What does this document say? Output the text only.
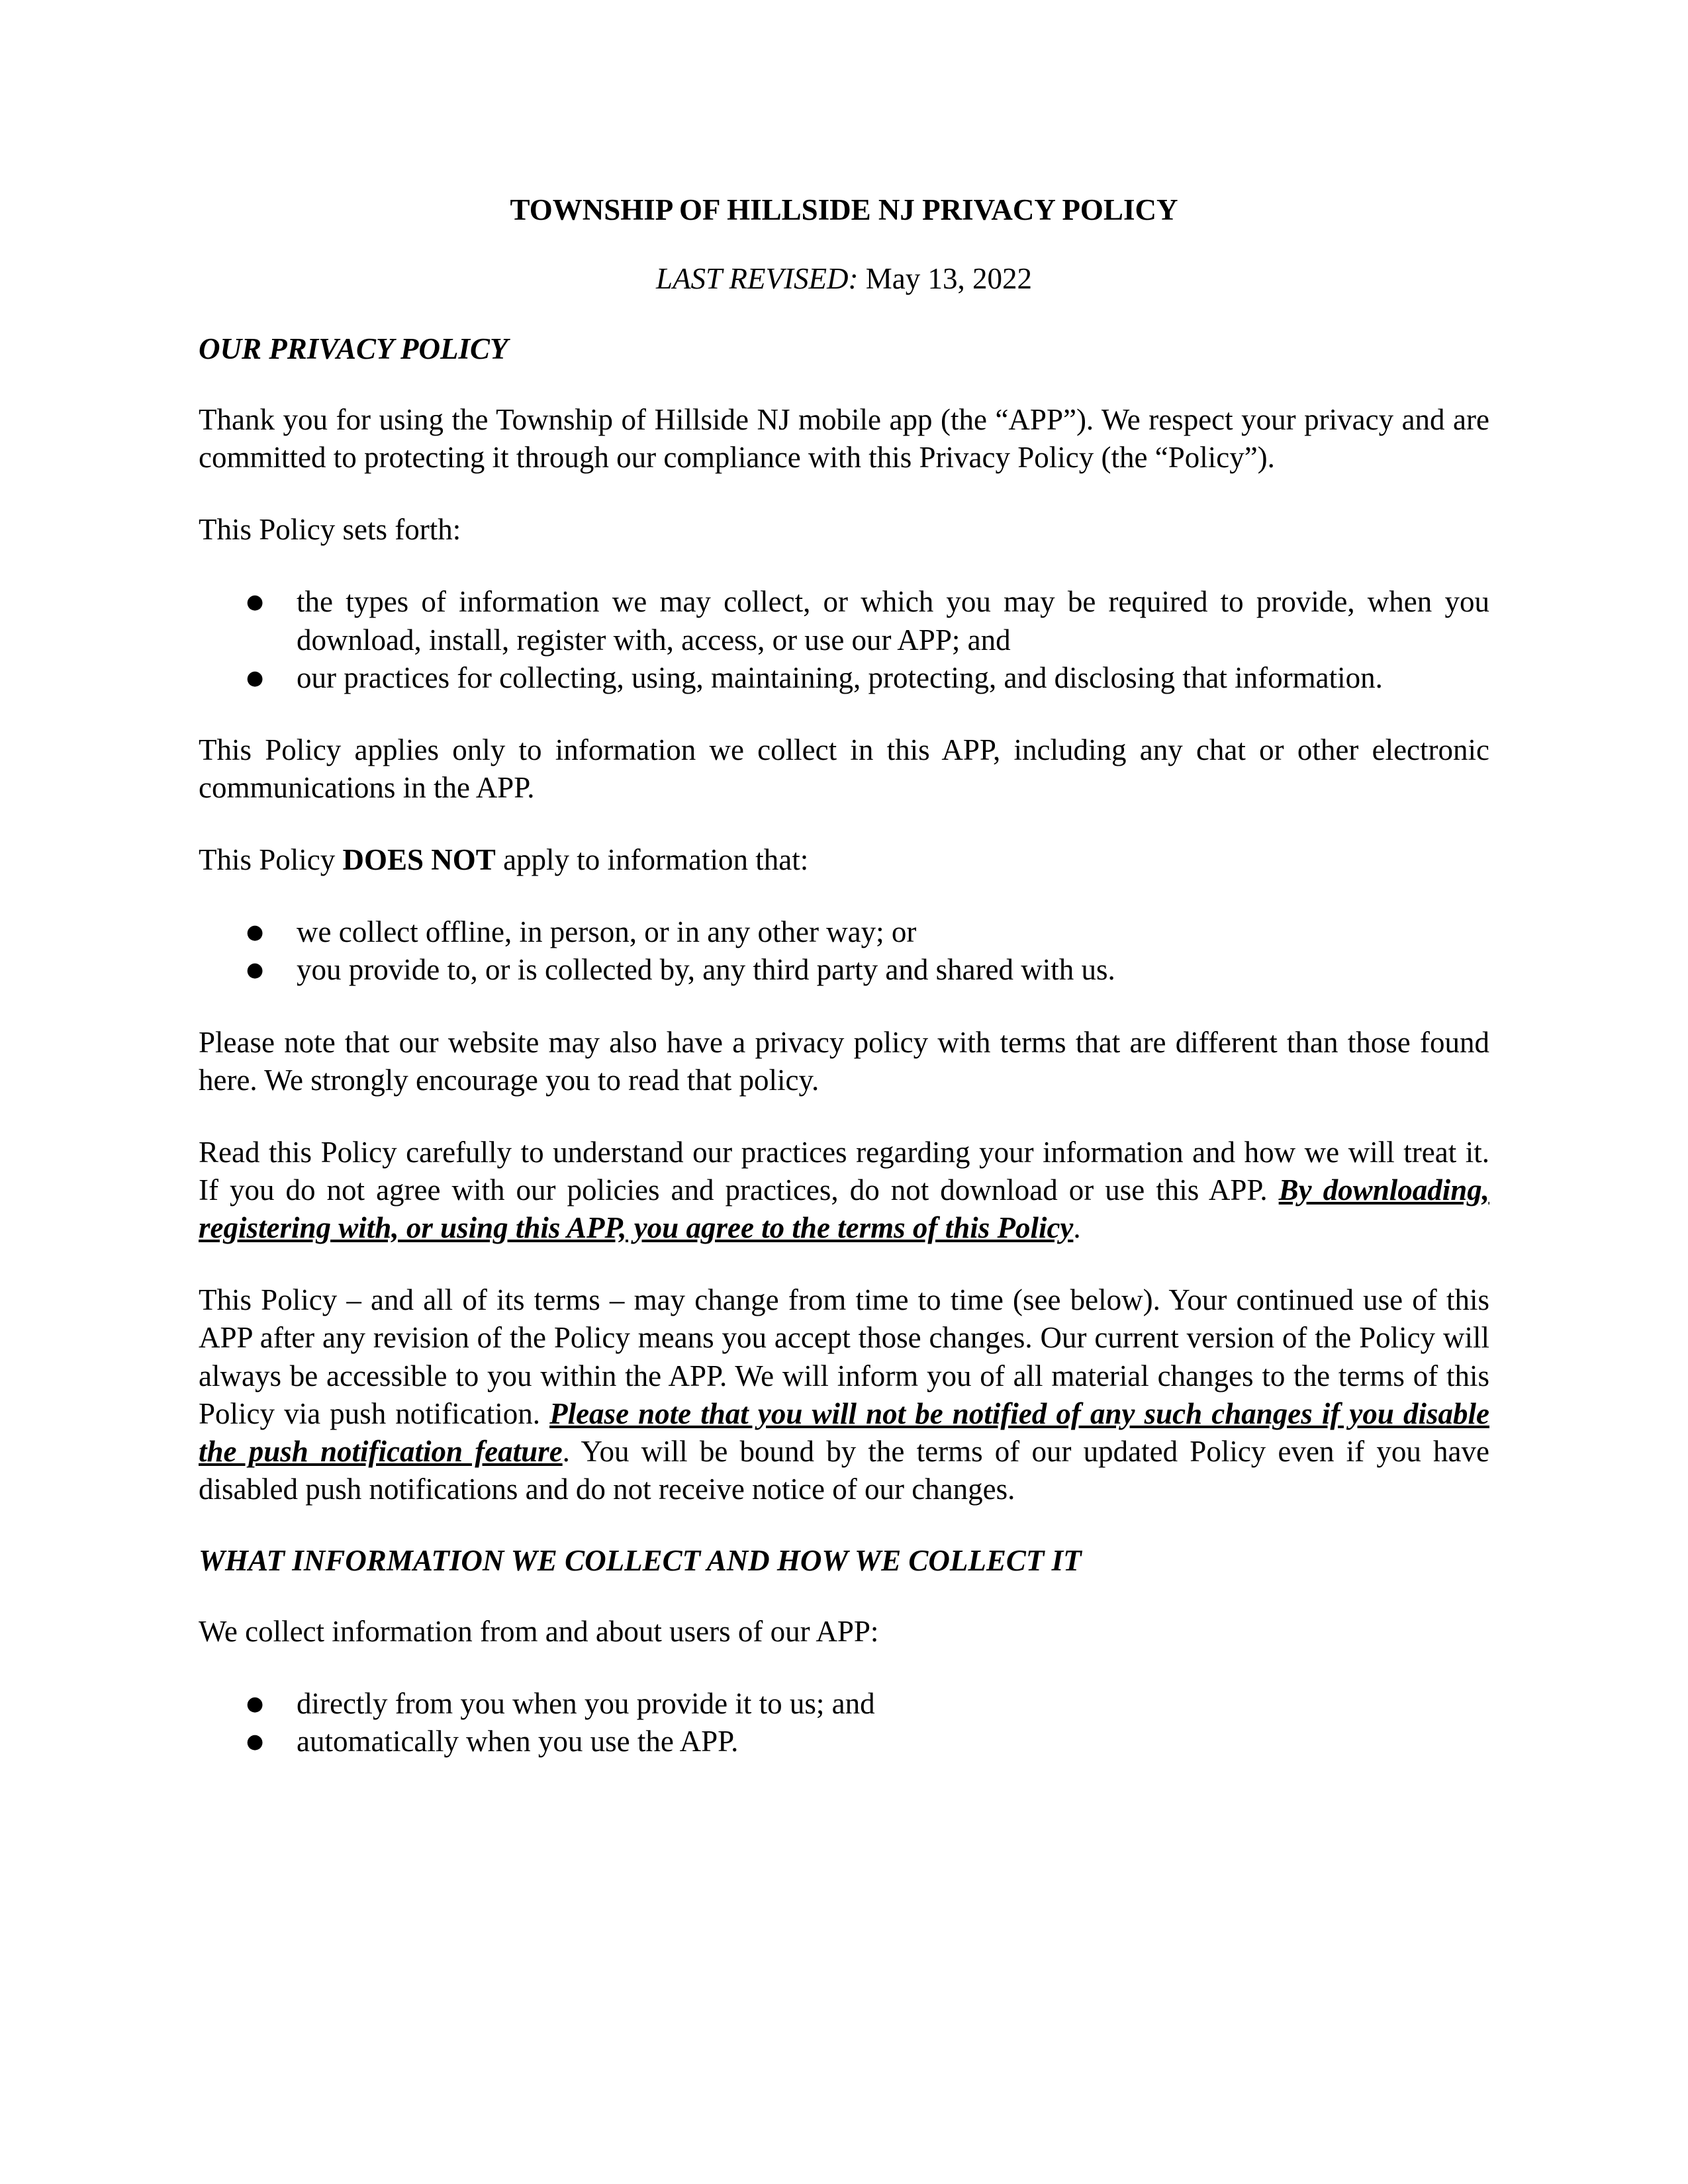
TOWNSHIP OF HILLSIDE NJ PRIVACY POLICY
LAST REVISED: May 13, 2022
OUR PRIVACY POLICY

Thank you for using the Township of Hillside NJ mobile app (the “APP”). We respect your privacy and are committed to protecting it through our compliance with this Privacy Policy (the “Policy”).

This Policy sets forth:

● the types of information we may collect, or which you may be required to provide, when you download, install, register with, access, or use our APP; and
● our practices for collecting, using, maintaining, protecting, and disclosing that information.

This Policy applies only to information we collect in this APP, including any chat or other electronic communications in the APP.

This Policy DOES NOT apply to information that:

● we collect offline, in person, or in any other way; or
● you provide to, or is collected by, any third party and shared with us.

Please note that our website may also have a privacy policy with terms that are different than those found here. We strongly encourage you to read that policy.

Read this Policy carefully to understand our practices regarding your information and how we will treat it. If you do not agree with our policies and practices, do not download or use this APP. By downloading, registering with, or using this APP, you agree to the terms of this Policy.

This Policy – and all of its terms – may change from time to time (see below). Your continued use of this APP after any revision of the Policy means you accept those changes. Our current version of the Policy will always be accessible to you within the APP. We will inform you of all material changes to the terms of this Policy via push notification. Please note that you will not be notified of any such changes if you disable the push notification feature. You will be bound by the terms of our updated Policy even if you have disabled push notifications and do not receive notice of our changes.

WHAT INFORMATION WE COLLECT AND HOW WE COLLECT IT

We collect information from and about users of our APP:

● directly from you when you provide it to us; and
● automatically when you use the APP.
